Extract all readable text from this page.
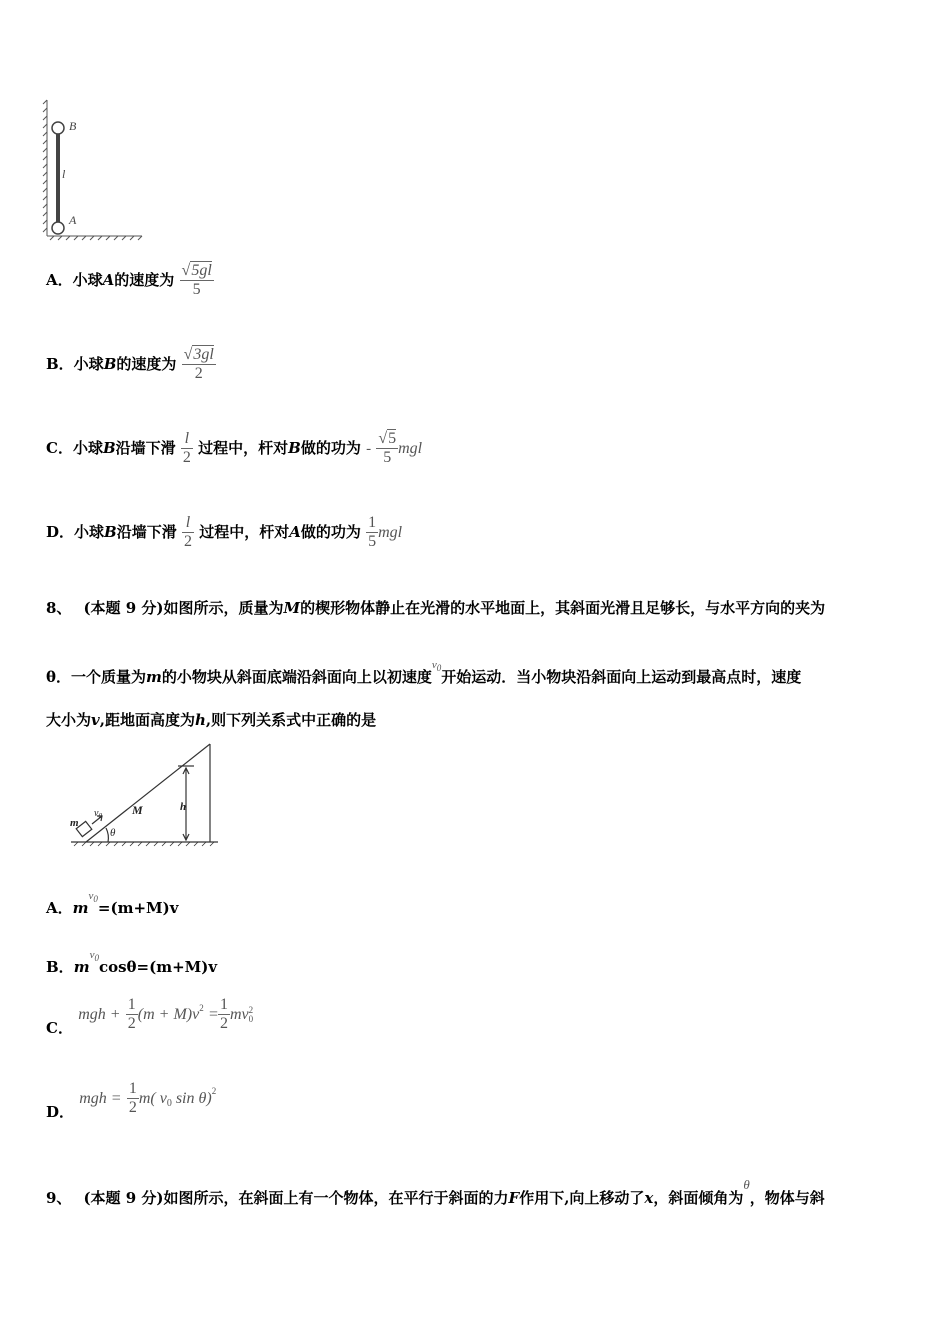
B
A
l
A．小球A的速度为 $\frac{√5gl}{5}$
B．小球B的速度为 $\frac{√3gl}{2}$
C．小球B沿墙下滑 $\frac{l}{2}$ 过程中，杆对B做的功为 - $\frac{√5}{5}$ mgl
D．小球B沿墙下滑 $\frac{l}{2}$ 过程中，杆对A做的功为 $\frac{1}{5}$ mgl
8、 (本题 9 分)如图所示，质量为M的楔形物体静止在光滑的水平地面上，其斜面光滑且足够长，与水平方向的夹为
θ．一个质量为m的小物块从斜面底端沿斜面向上以初速度$^{v_0}$开始运动．当小物块沿斜面向上运动到最高点时，速度
大小为v,距地面高度为h,则下列关系式中正确的是
m
$v_0$	M	h
θ
A．$m^{v_0}=(m+M)v$
B．$m^{v_0}\cos\theta=(m+M)v$
C． mgh + $\frac{1}{2} (m + M)v^2 = \frac{1}{2}$ mv 2
0
D． mgh = $\frac{1}{2} m$( $v_0$ sin θ)$^2$
9、 (本题 9 分)如图所示，在斜面上有一个物体，在平行于斜面的力F作用下,向上移动了x，斜面倾角为θ，物体与斜
